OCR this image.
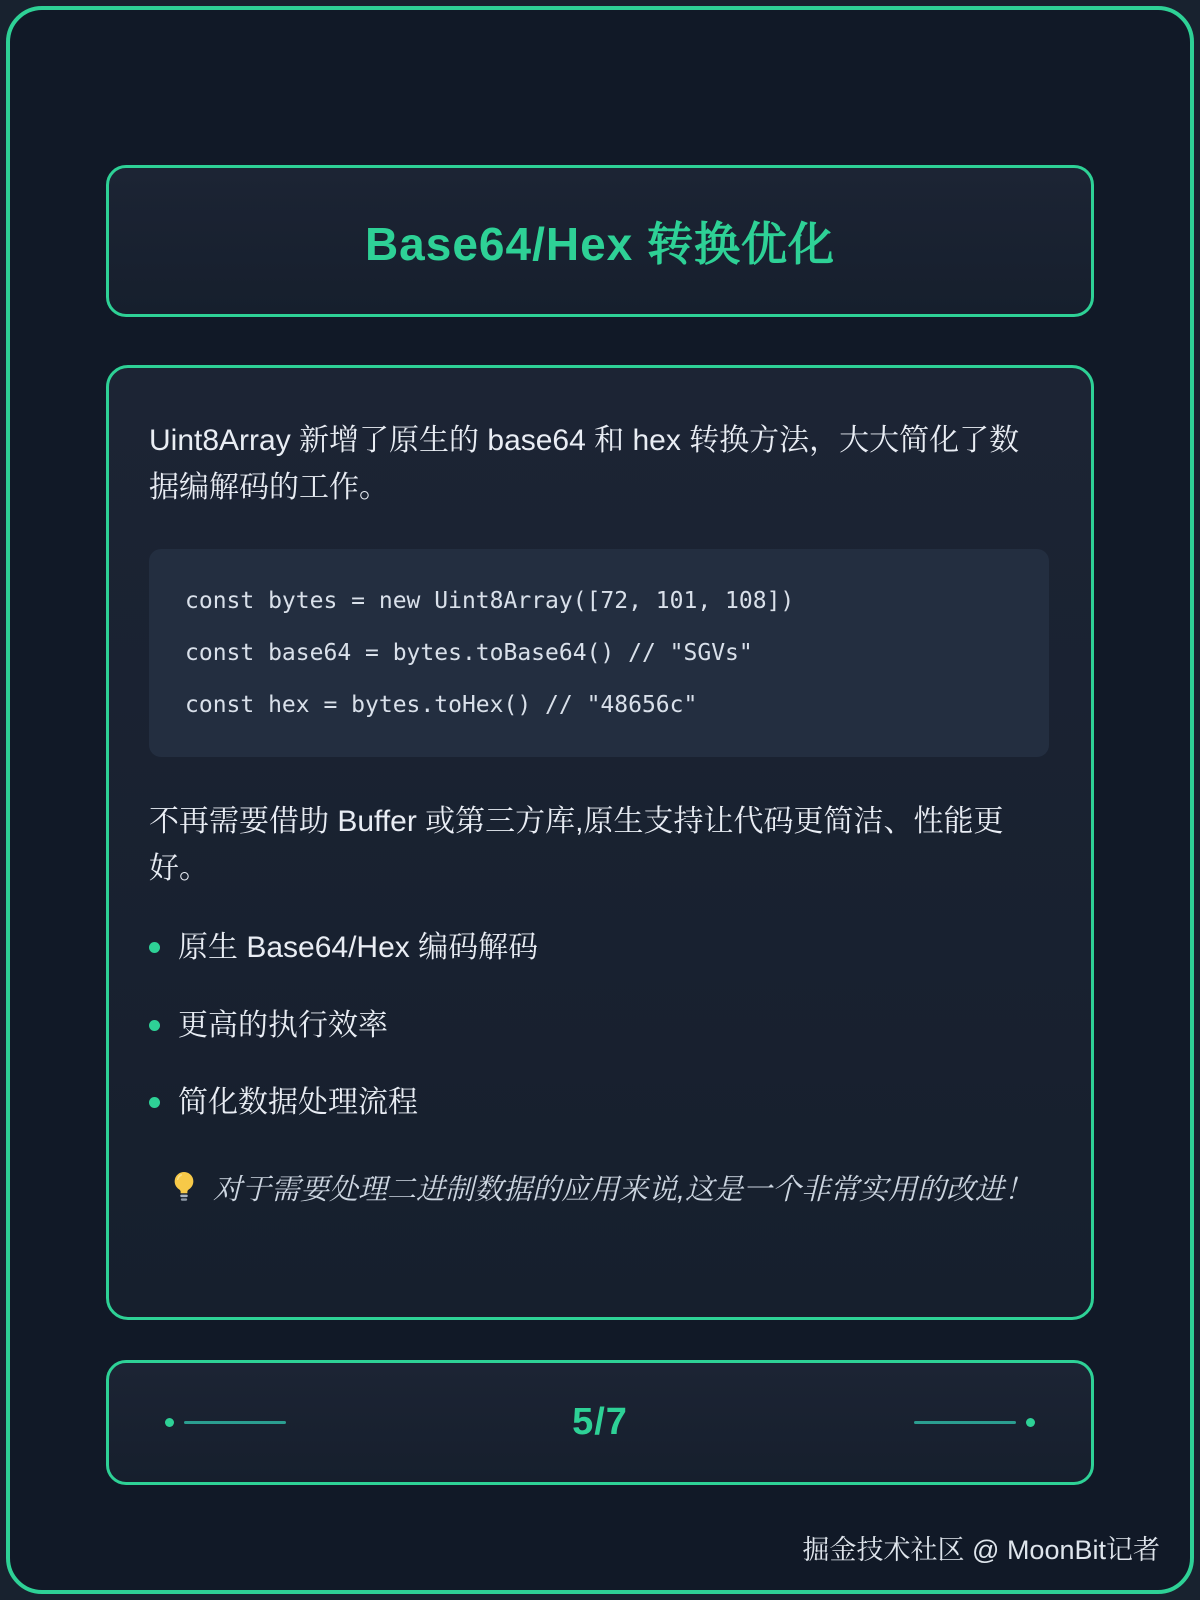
Base64/Hex 转换优化

Uint8Array 新增了原生的 base64 和 hex 转换方法，大大简化了数据编解码的工作。

const bytes = new Uint8Array([72, 101, 108])
const base64 = bytes.toBase64() // "SGVs"
const hex = bytes.toHex() // "48656c"

不再需要借助 Buffer 或第三方库,原生支持让代码更简洁、性能更好。

原生 Base64/Hex 编码解码
更高的执行效率
简化数据处理流程
对于需要处理二进制数据的应用来说,这是一个非常实用的改进！
5/7
掘金技术社区 @ MoonBit记者
